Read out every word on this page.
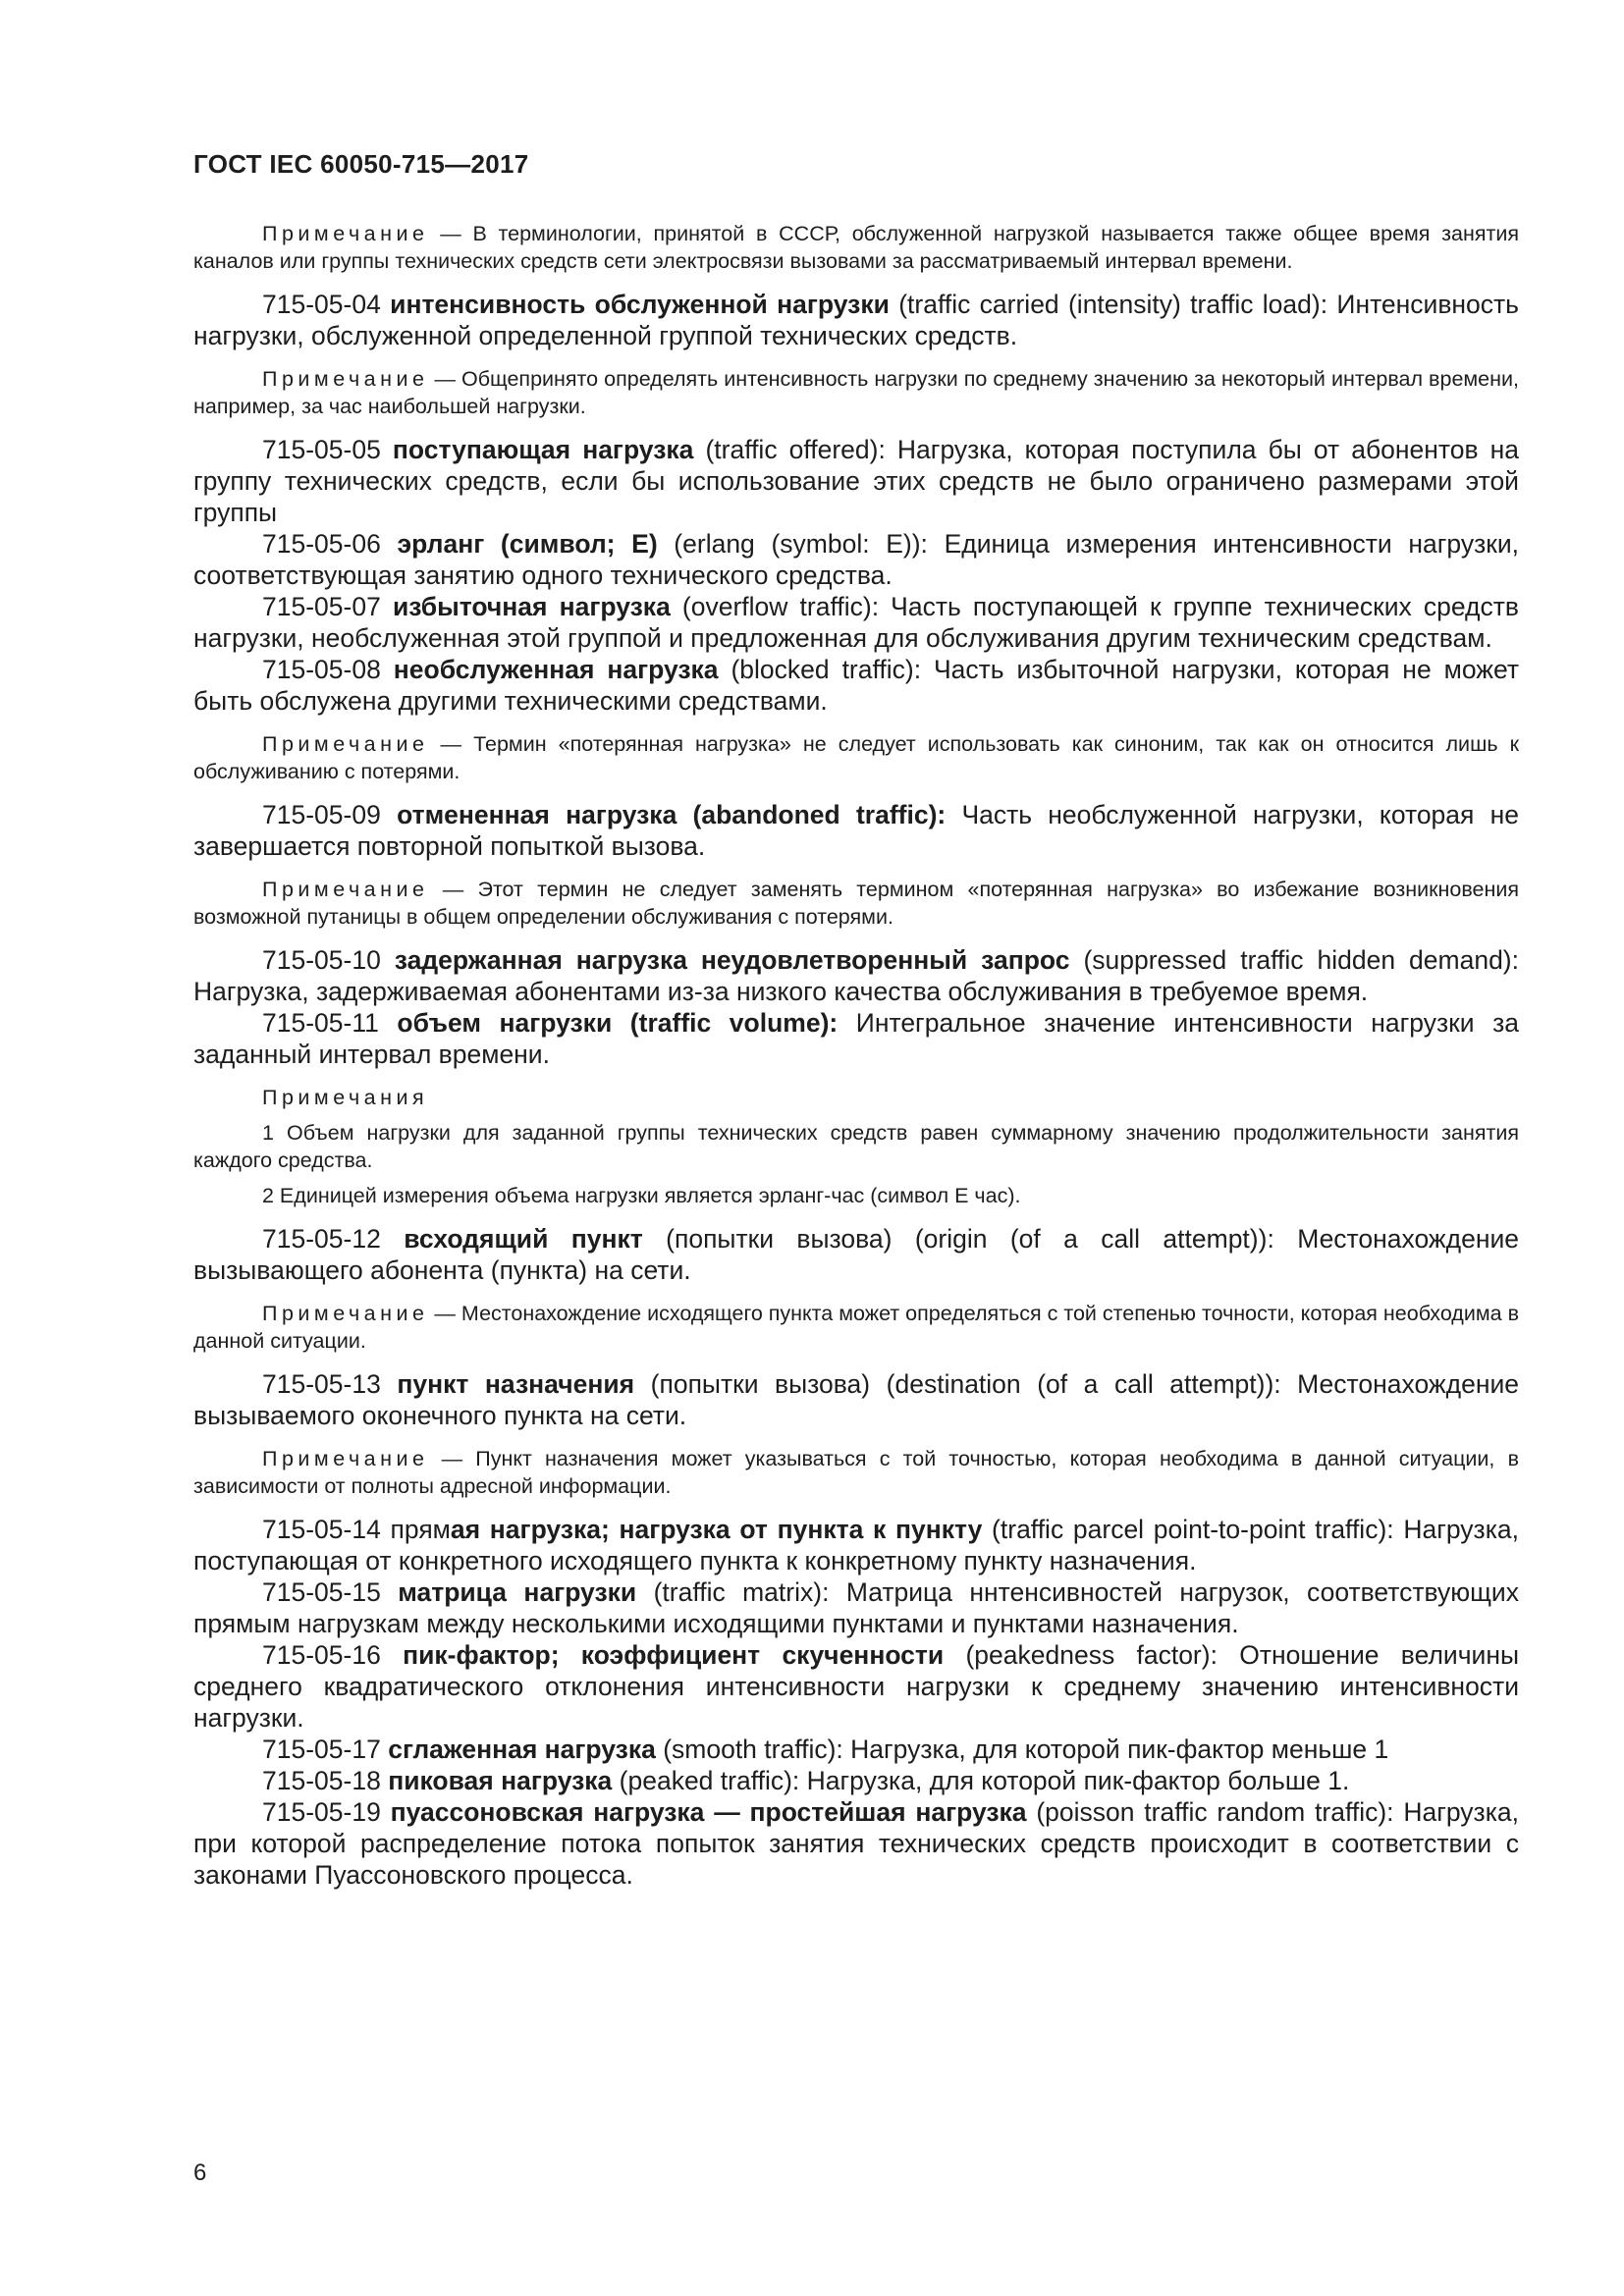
ГОСТ IEC 60050-715—2017

Примечание — В терминологии, принятой в СССР, обслуженной нагрузкой называется также общее время занятия каналов или группы технических средств сети электросвязи вызовами за рассматриваемый интервал времени.

715-05-04 интенсивность обслуженной нагрузки (traffic carried (intensity) traffic load): Интенсивность нагрузки, обслуженной определенной группой технических средств.

Примечание — Общепринято определять интенсивность нагрузки по среднему значению за некоторый интервал времени, например, за час наибольшей нагрузки.

715-05-05 поступающая нагрузка (traffic offered): Нагрузка, которая поступила бы от абонентов на группу технических средств, если бы использование этих средств не было ограничено размерами этой группы

715-05-06 эрланг (символ; Е) (erlang (symbol: Е)): Единица измерения интенсивности нагрузки, соответствующая занятию одного технического средства.

715-05-07 избыточная нагрузка (overflow traffic): Часть поступающей к группе технических средств нагрузки, необслуженная этой группой и предложенная для обслуживания другим техническим средствам.

715-05-08 необслуженная нагрузка (blocked traffic): Часть избыточной нагрузки, которая не может быть обслужена другими техническими средствами.

Примечание — Термин «потерянная нагрузка» не следует использовать как синоним, так как он относится лишь к обслуживанию с потерями.

715-05-09 отмененная нагрузка (abandoned traffic): Часть необслуженной нагрузки, которая не завершается повторной попыткой вызова.

Примечание — Этот термин не следует заменять термином «потерянная нагрузка» во избежание возникновения возможной путаницы в общем определении обслуживания с потерями.

715-05-10 задержанная нагрузка неудовлетворенный запрос (suppressed traffic hidden demand): Нагрузка, задерживаемая абонентами из-за низкого качества обслуживания в требуемое время.

715-05-11 объем нагрузки (traffic volume): Интегральное значение интенсивности нагрузки за заданный интервал времени.

Примечания

1 Объем нагрузки для заданной группы технических средств равен суммарному значению продолжительности занятия каждого средства.

2 Единицей измерения объема нагрузки является эрланг-час (символ Е час).

715-05-12 всходящий пункт (попытки вызова) (origin (of a call attempt)): Местонахождение вызывающего абонента (пункта) на сети.

Примечание — Местонахождение исходящего пункта может определяться с той степенью точности, которая необходима в данной ситуации.

715-05-13 пункт назначения (попытки вызова) (destination (of a call attempt)): Местонахождение вызываемого оконечного пункта на сети.

Примечание — Пункт назначения может указываться с той точностью, которая необходима в данной ситуации, в зависимости от полноты адресной информации.

715-05-14 прямая нагрузка; нагрузка от пункта к пункту (traffic parcel point-to-point traffic): Нагрузка, поступающая от конкретного исходящего пункта к конкретному пункту назначения.

715-05-15 матрица нагрузки (traffic matrix): Матрица ннтенсивностей нагрузок, соответствующих прямым нагрузкам между несколькими исходящими пунктами и пунктами назначения.

715-05-16 пик-фактор; коэффициент скученности (peakedness factor): Отношение величины среднего квадратического отклонения интенсивности нагрузки к среднему значению интенсивности нагрузки.

715-05-17 сглаженная нагрузка (smooth traffic): Нагрузка, для которой пик-фактор меньше 1

715-05-18 пиковая нагрузка (peaked traffic): Нагрузка, для которой пик-фактор больше 1.

715-05-19 пуассоновская нагрузка — простейшая нагрузка (poisson traffic random traffic): Нагрузка, при которой распределение потока попыток занятия технических средств происходит в соответствии с законами Пуассоновского процесса.

6
